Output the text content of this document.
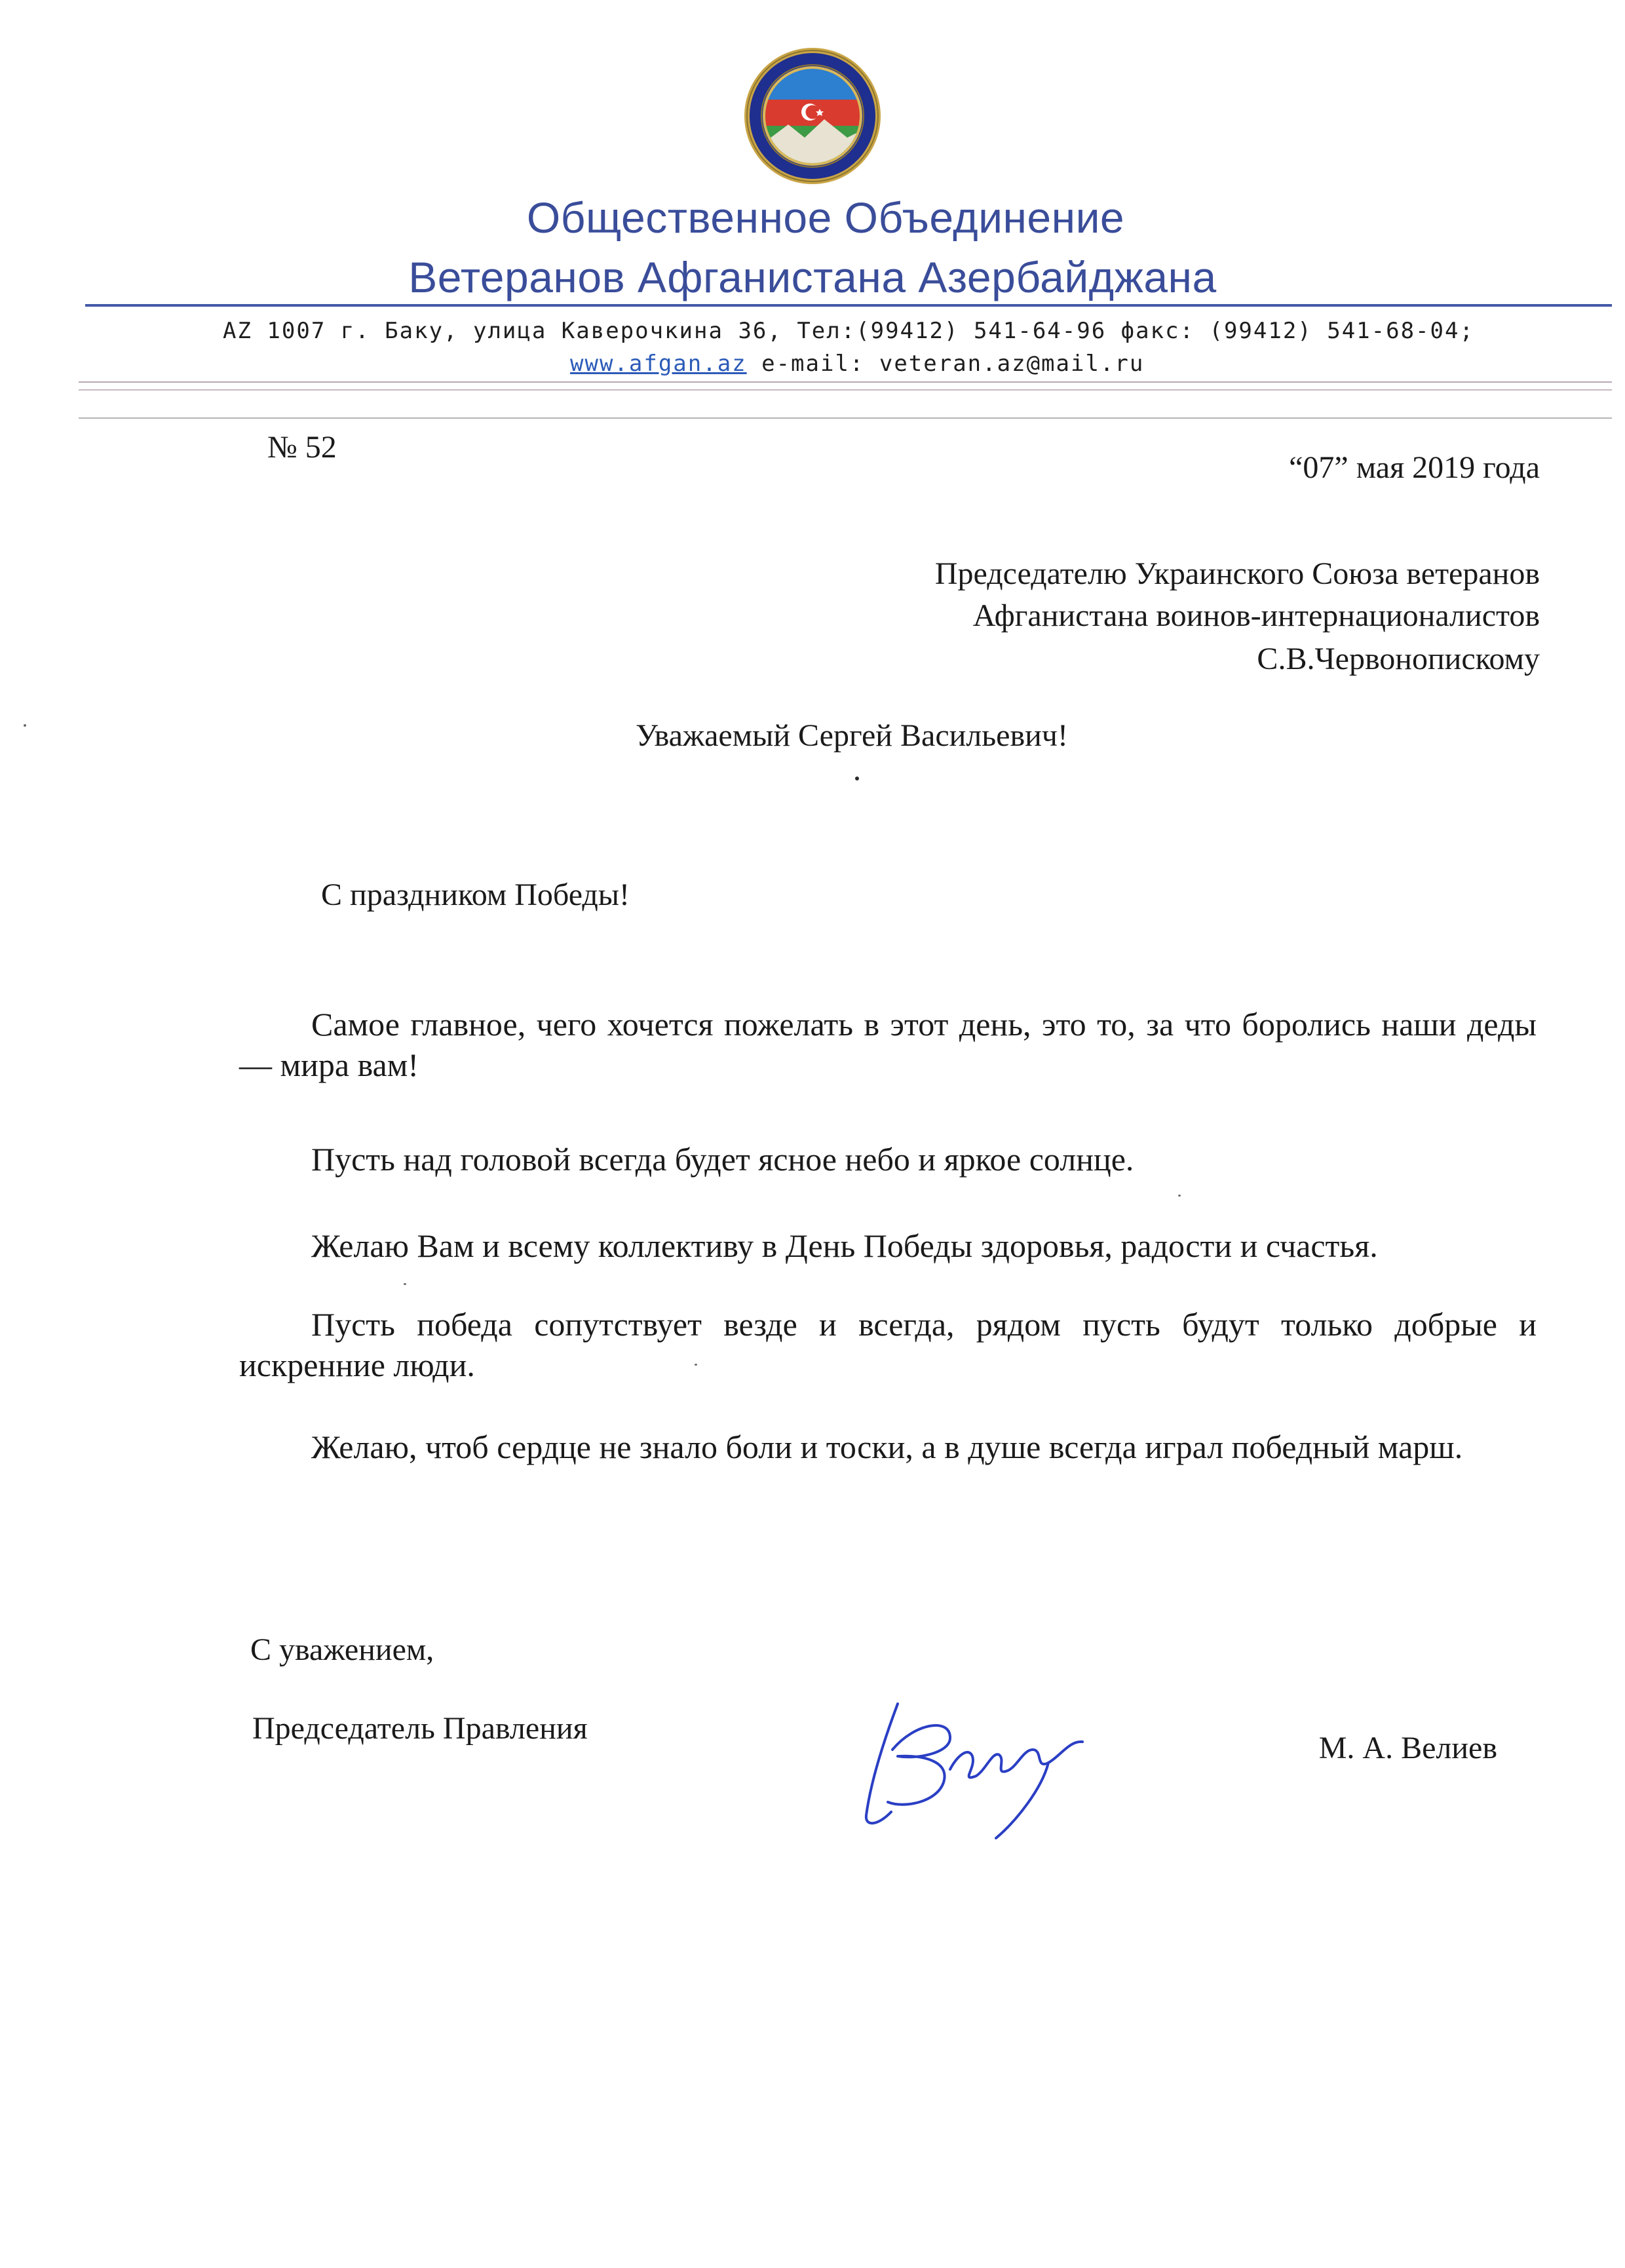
Общественное Объединение
Ветеранов Афганистана Азербайджана
AZ 1007 г. Баку, улица Каверочкина 36, Тел:(99412) 541-64-96 факс: (99412) 541-68-04;
www.afgan.az e-mail: veteran.az@mail.ru
№ 52
“07” мая 2019 года
Председателю Украинского Союза ветеранов
Афганистана воинов-интернационалистов
С.В.Червонопискому
Уважаемый Сергей Васильевич!
С праздником Победы!
Самое главное, чего хочется пожелать в этот день, это то, за что боролись наши деды — мира вам!
Пусть над головой всегда будет ясное небо и яркое солнце.
Желаю Вам и всему коллективу в День Победы здоровья, радости и счастья.
Пусть победа сопутствует везде и всегда, рядом пусть будут только добрые и искренние люди.
Желаю, чтоб сердце не знало боли и тоски, а в душе всегда играл победный марш.
С уважением,
Председатель Правления
М. А. Велиев
